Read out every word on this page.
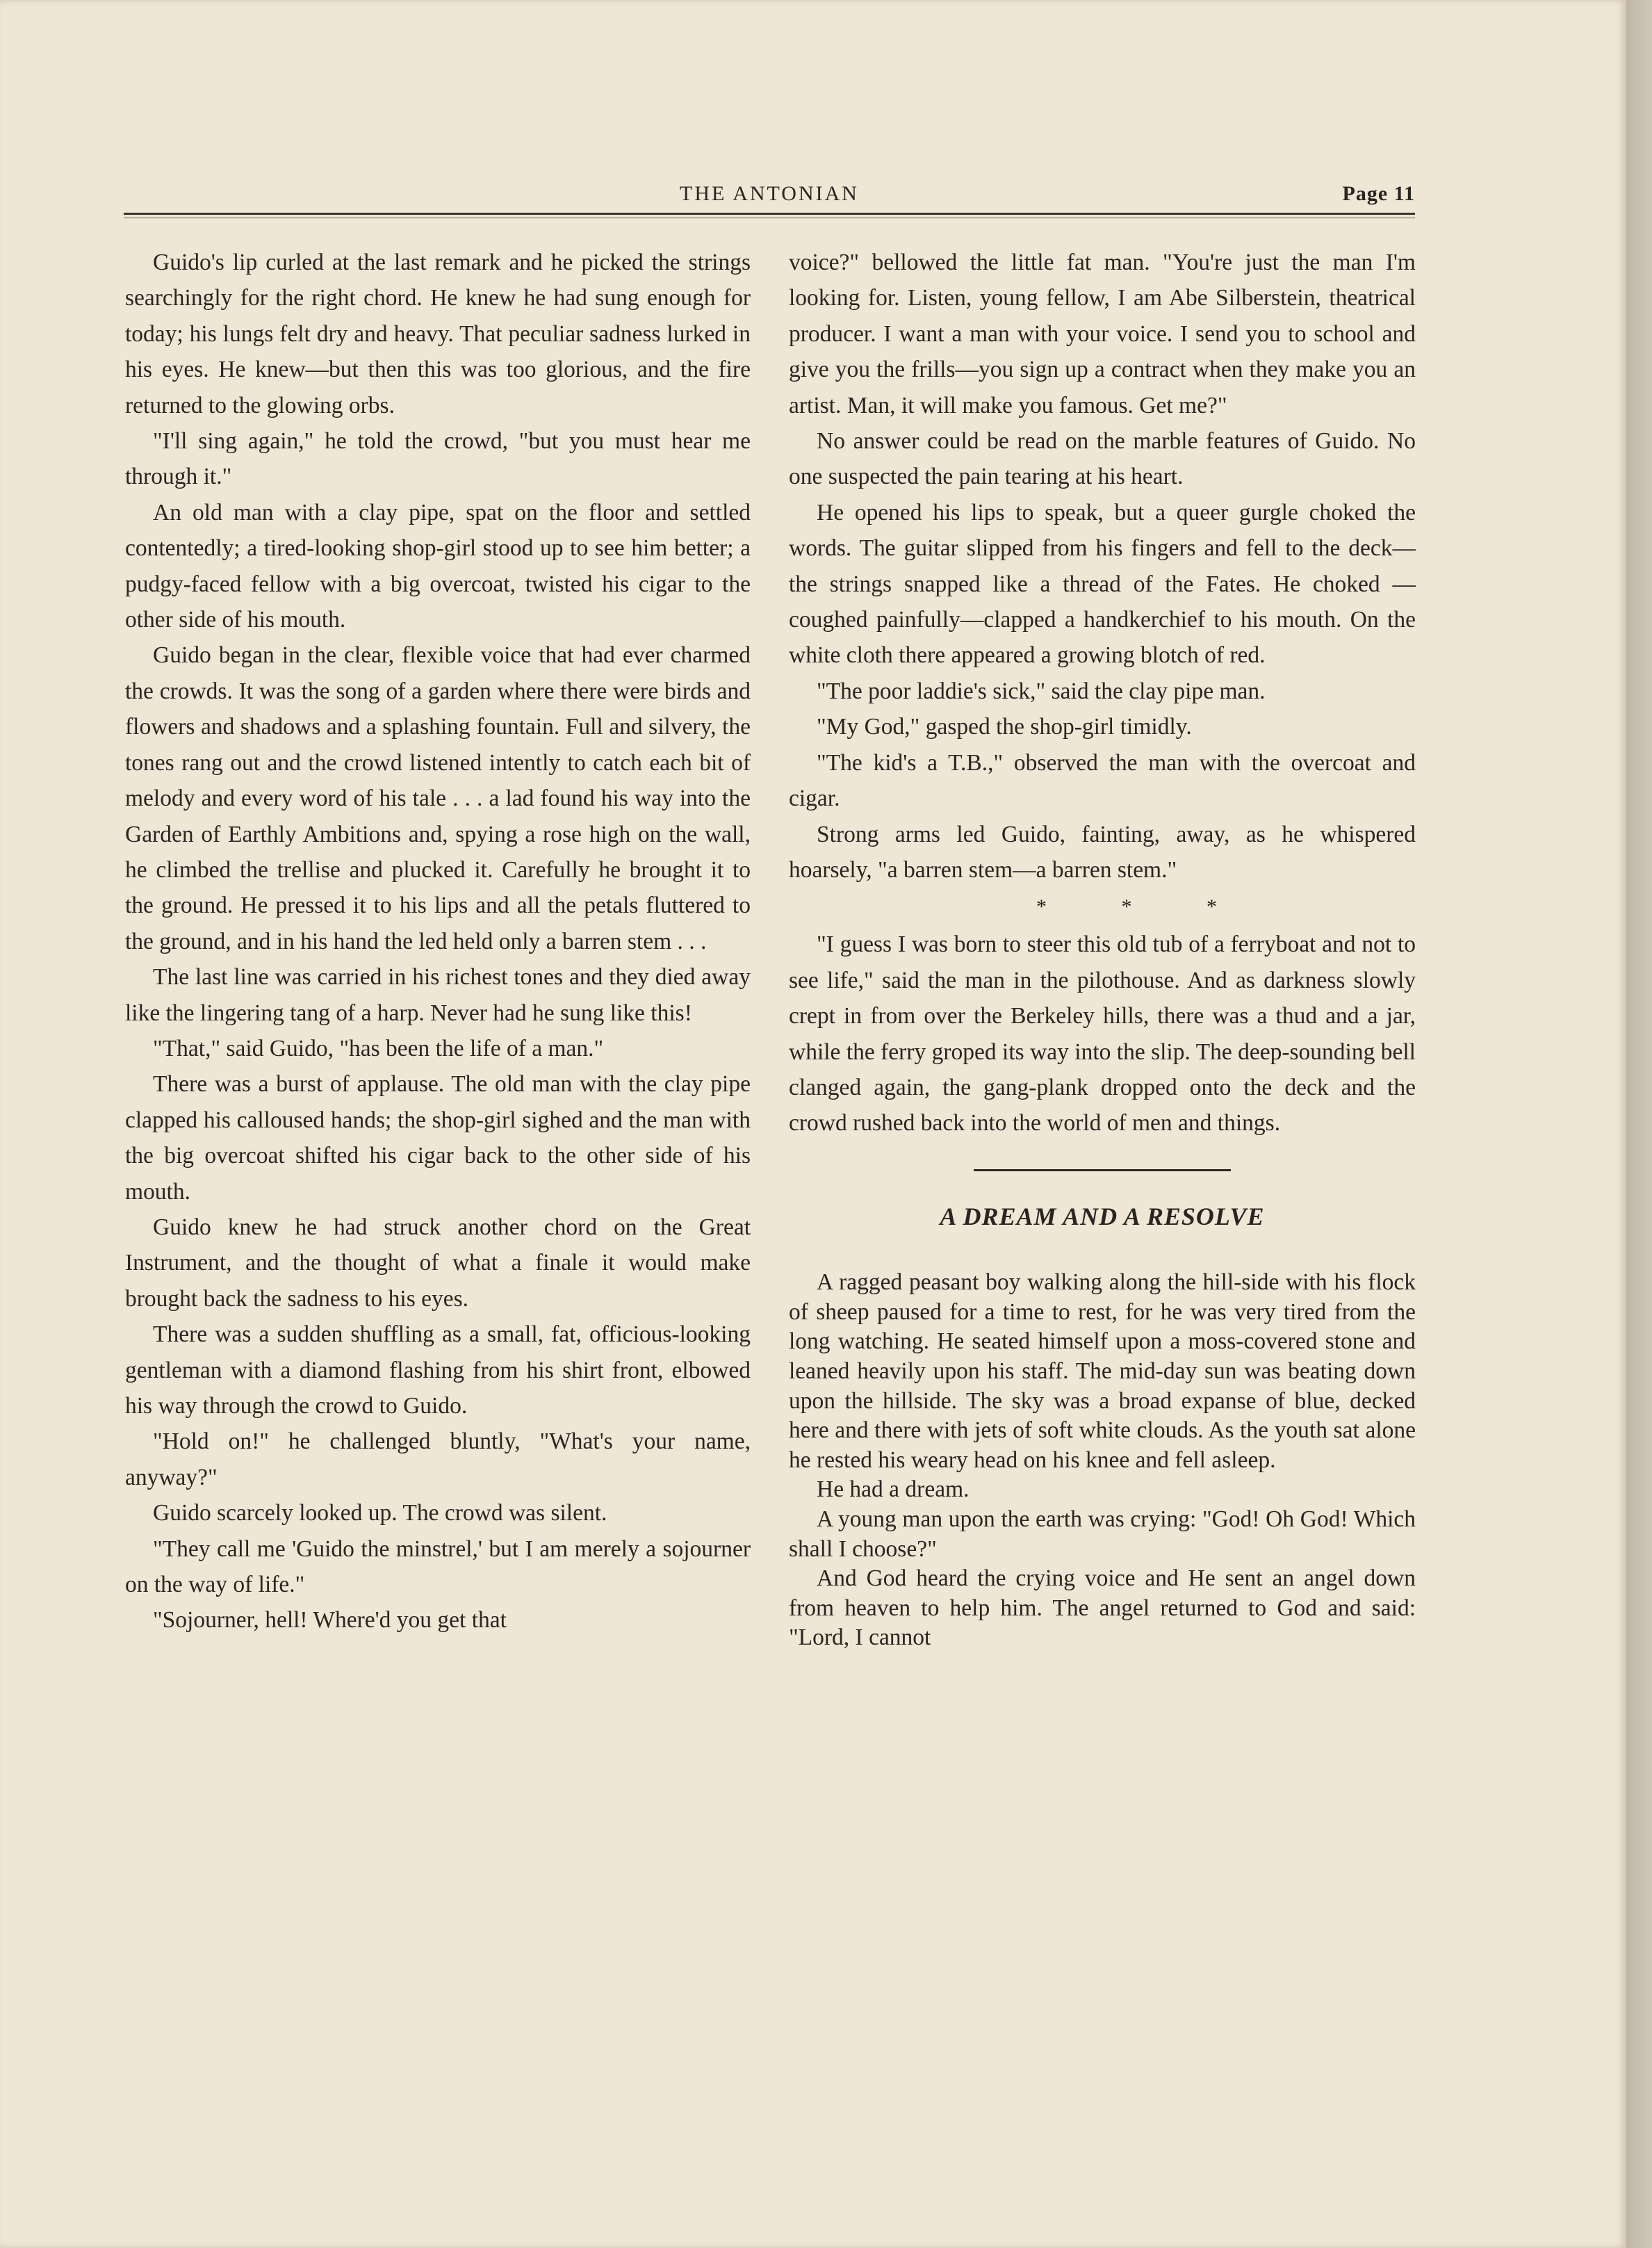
THE ANTONIAN	Page 11

Guido's lip curled at the last remark and he picked the strings searchingly for the right chord. He knew he had sung enough for today; his lungs felt dry and heavy. That peculiar sadness lurked in his eyes. He knew—but then this was too glorious, and the fire returned to the glowing orbs.

"I'll sing again," he told the crowd, "but you must hear me through it."

An old man with a clay pipe, spat on the floor and settled contentedly; a tired-looking shop-girl stood up to see him better; a pudgy-faced fellow with a big overcoat, twisted his cigar to the other side of his mouth.

Guido began in the clear, flexible voice that had ever charmed the crowds. It was the song of a garden where there were birds and flowers and shadows and a splashing fountain. Full and silvery, the tones rang out and the crowd listened intently to catch each bit of melody and every word of his tale . . . a lad found his way into the Garden of Earthly Ambitions and, spying a rose high on the wall, he climbed the trellise and plucked it. Carefully he brought it to the ground. He pressed it to his lips and all the petals fluttered to the ground, and in his hand the led held only a barren stem . . .

The last line was carried in his richest tones and they died away like the lingering tang of a harp. Never had he sung like this!

"That," said Guido, "has been the life of a man."

There was a burst of applause. The old man with the clay pipe clapped his calloused hands; the shop-girl sighed and the man with the big overcoat shifted his cigar back to the other side of his mouth.

Guido knew he had struck another chord on the Great Instrument, and the thought of what a finale it would make brought back the sadness to his eyes.

There was a sudden shuffling as a small, fat, officious-looking gentleman with a diamond flashing from his shirt front, elbowed his way through the crowd to Guido.

"Hold on!" he challenged bluntly, "What's your name, anyway?"

Guido scarcely looked up. The crowd was silent.

"They call me 'Guido the minstrel,' but I am merely a sojourner on the way of life."

"Sojourner, hell! Where'd you get that

voice?" bellowed the little fat man. "You're just the man I'm looking for. Listen, young fellow, I am Abe Silberstein, theatrical producer. I want a man with your voice. I send you to school and give you the frills—you sign up a contract when they make you an artist. Man, it will make you famous. Get me?"

No answer could be read on the marble features of Guido. No one suspected the pain tearing at his heart.

He opened his lips to speak, but a queer gurgle choked the words. The guitar slipped from his fingers and fell to the deck—the strings snapped like a thread of the Fates. He choked —coughed painfully—clapped a handkerchief to his mouth. On the white cloth there appeared a growing blotch of red.

"The poor laddie's sick," said the clay pipe man.

"My God," gasped the shop-girl timidly.

"The kid's a T.B.," observed the man with the overcoat and cigar.

Strong arms led Guido, fainting, away, as he whispered hoarsely, "a barren stem—a barren stem."

* * *

"I guess I was born to steer this old tub of a ferryboat and not to see life," said the man in the pilothouse. And as darkness slowly crept in from over the Berkeley hills, there was a thud and a jar, while the ferry groped its way into the slip. The deep-sounding bell clanged again, the gang-plank dropped onto the deck and the crowd rushed back into the world of men and things.

A DREAM AND A RESOLVE

A ragged peasant boy walking along the hill-side with his flock of sheep paused for a time to rest, for he was very tired from the long watching. He seated himself upon a moss-covered stone and leaned heavily upon his staff. The mid-day sun was beating down upon the hillside. The sky was a broad expanse of blue, decked here and there with jets of soft white clouds. As the youth sat alone he rested his weary head on his knee and fell asleep.

He had a dream.

A young man upon the earth was crying: "God! Oh God! Which shall I choose?"

And God heard the crying voice and He sent an angel down from heaven to help him. The angel returned to God and said: "Lord, I cannot
